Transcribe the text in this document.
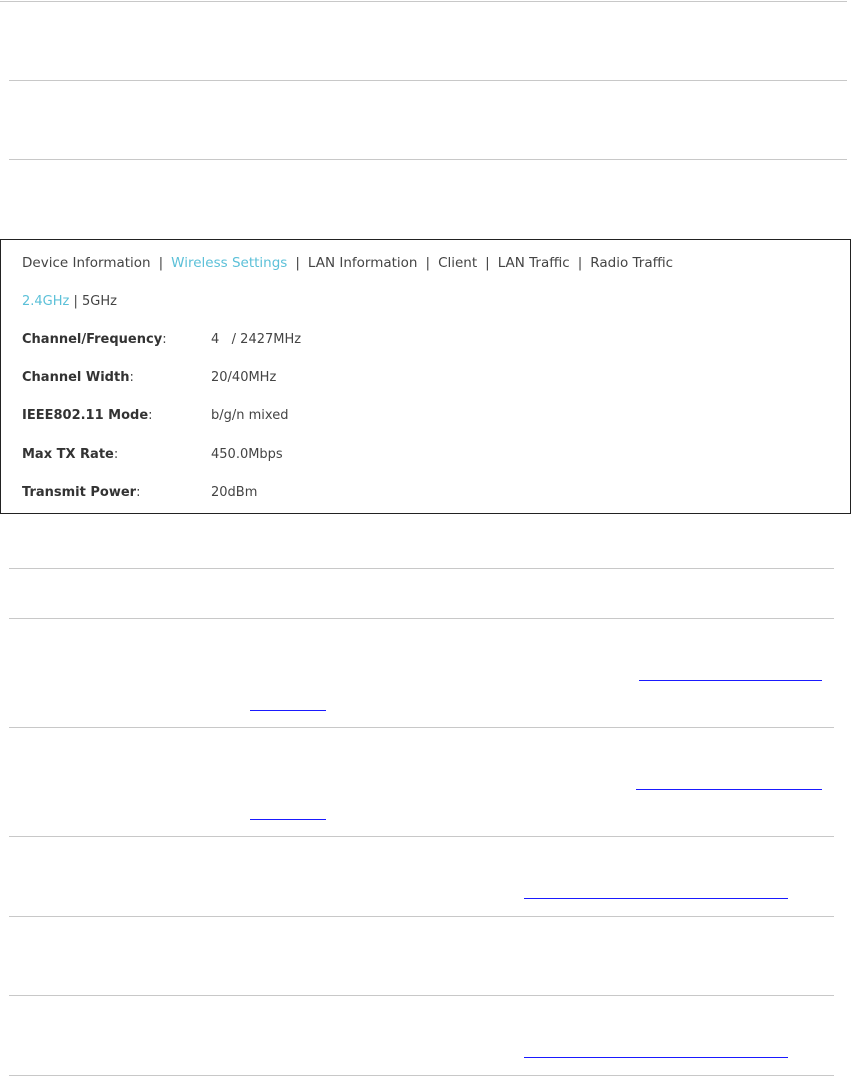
Device Information | Wireless Settings | LAN Information | Client | LAN Traffic | Radio Traffic
2.4GHz | 5GHz
Channel/Frequency:	4   / 2427MHz
Channel Width:	20/40MHz
IEEE802.11 Mode:	b/g/n mixed
Max TX Rate:	450.0Mbps
Transmit Power:	20dBm
